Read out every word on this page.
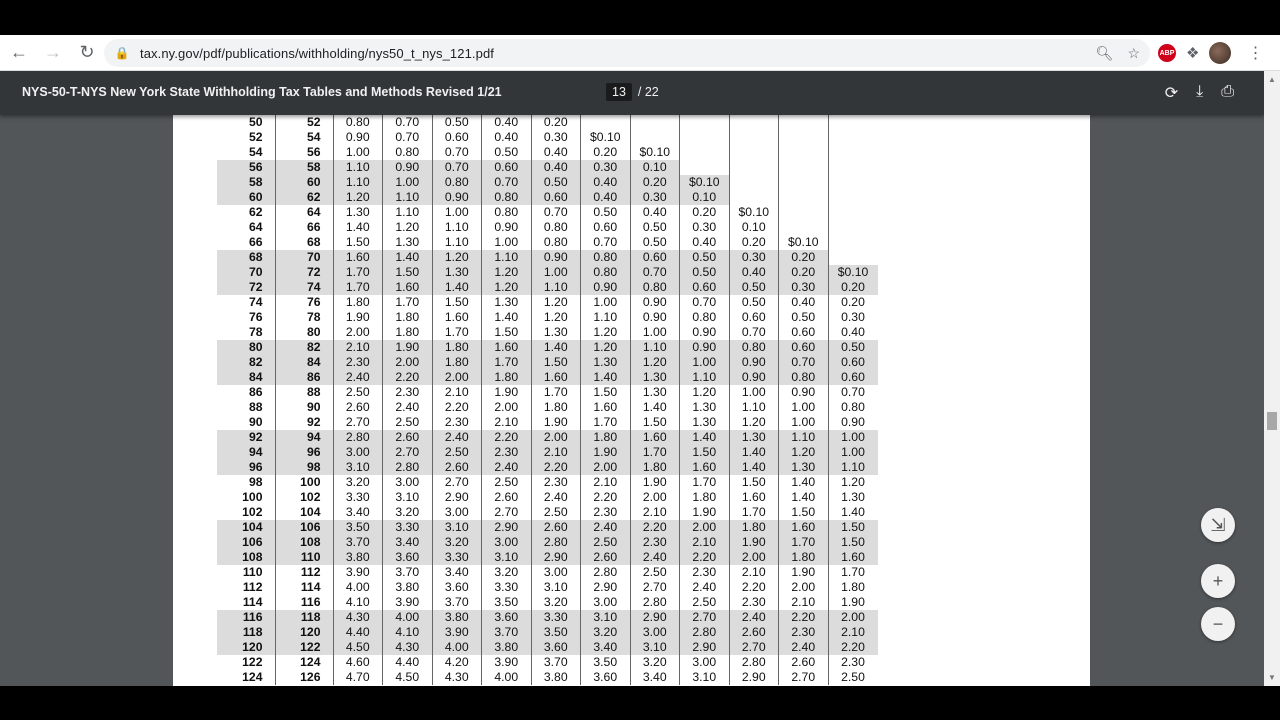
← → ↻	🔒 tax.ny.gov/pdf/publications/withholding/nys50_t_nys_121.pdf	🔍︎ ☆	ABP ❖	⋮
NYS-50-T-NYS New York State Withholding Tax Tables and Methods Revised 1/21	13 / 22	⟳ ⤓ ⎙
50	52	0.80	0.70	0.50	0.40	0.20						
52	54	0.90	0.70	0.60	0.40	0.30	$0.10					
54	56	1.00	0.80	0.70	0.50	0.40	0.20	$0.10				
56	58	1.10	0.90	0.70	0.60	0.40	0.30	0.10				
58	60	1.10	1.00	0.80	0.70	0.50	0.40	0.20	$0.10			
60	62	1.20	1.10	0.90	0.80	0.60	0.40	0.30	0.10			
62	64	1.30	1.10	1.00	0.80	0.70	0.50	0.40	0.20	$0.10		
64	66	1.40	1.20	1.10	0.90	0.80	0.60	0.50	0.30	0.10		
66	68	1.50	1.30	1.10	1.00	0.80	0.70	0.50	0.40	0.20	$0.10	
68	70	1.60	1.40	1.20	1.10	0.90	0.80	0.60	0.50	0.30	0.20	
70	72	1.70	1.50	1.30	1.20	1.00	0.80	0.70	0.50	0.40	0.20	$0.10
72	74	1.70	1.60	1.40	1.20	1.10	0.90	0.80	0.60	0.50	0.30	0.20
74	76	1.80	1.70	1.50	1.30	1.20	1.00	0.90	0.70	0.50	0.40	0.20
76	78	1.90	1.80	1.60	1.40	1.20	1.10	0.90	0.80	0.60	0.50	0.30
78	80	2.00	1.80	1.70	1.50	1.30	1.20	1.00	0.90	0.70	0.60	0.40
80	82	2.10	1.90	1.80	1.60	1.40	1.20	1.10	0.90	0.80	0.60	0.50
82	84	2.30	2.00	1.80	1.70	1.50	1.30	1.20	1.00	0.90	0.70	0.60
84	86	2.40	2.20	2.00	1.80	1.60	1.40	1.30	1.10	0.90	0.80	0.60
86	88	2.50	2.30	2.10	1.90	1.70	1.50	1.30	1.20	1.00	0.90	0.70
88	90	2.60	2.40	2.20	2.00	1.80	1.60	1.40	1.30	1.10	1.00	0.80
90	92	2.70	2.50	2.30	2.10	1.90	1.70	1.50	1.30	1.20	1.00	0.90
92	94	2.80	2.60	2.40	2.20	2.00	1.80	1.60	1.40	1.30	1.10	1.00
94	96	3.00	2.70	2.50	2.30	2.10	1.90	1.70	1.50	1.40	1.20	1.00
96	98	3.10	2.80	2.60	2.40	2.20	2.00	1.80	1.60	1.40	1.30	1.10
98	100	3.20	3.00	2.70	2.50	2.30	2.10	1.90	1.70	1.50	1.40	1.20
100	102	3.30	3.10	2.90	2.60	2.40	2.20	2.00	1.80	1.60	1.40	1.30
102	104	3.40	3.20	3.00	2.70	2.50	2.30	2.10	1.90	1.70	1.50	1.40
104	106	3.50	3.30	3.10	2.90	2.60	2.40	2.20	2.00	1.80	1.60	1.50
106	108	3.70	3.40	3.20	3.00	2.80	2.50	2.30	2.10	1.90	1.70	1.50
108	110	3.80	3.60	3.30	3.10	2.90	2.60	2.40	2.20	2.00	1.80	1.60
110	112	3.90	3.70	3.40	3.20	3.00	2.80	2.50	2.30	2.10	1.90	1.70
112	114	4.00	3.80	3.60	3.30	3.10	2.90	2.70	2.40	2.20	2.00	1.80
114	116	4.10	3.90	3.70	3.50	3.20	3.00	2.80	2.50	2.30	2.10	1.90
116	118	4.30	4.00	3.80	3.60	3.30	3.10	2.90	2.70	2.40	2.20	2.00
118	120	4.40	4.10	3.90	3.70	3.50	3.20	3.00	2.80	2.60	2.30	2.10
120	122	4.50	4.30	4.00	3.80	3.60	3.40	3.10	2.90	2.70	2.40	2.20
122	124	4.60	4.40	4.20	3.90	3.70	3.50	3.20	3.00	2.80	2.60	2.30
124	126	4.70	4.50	4.30	4.00	3.80	3.60	3.40	3.10	2.90	2.70	2.50
⇲
+
−
▲
▼
